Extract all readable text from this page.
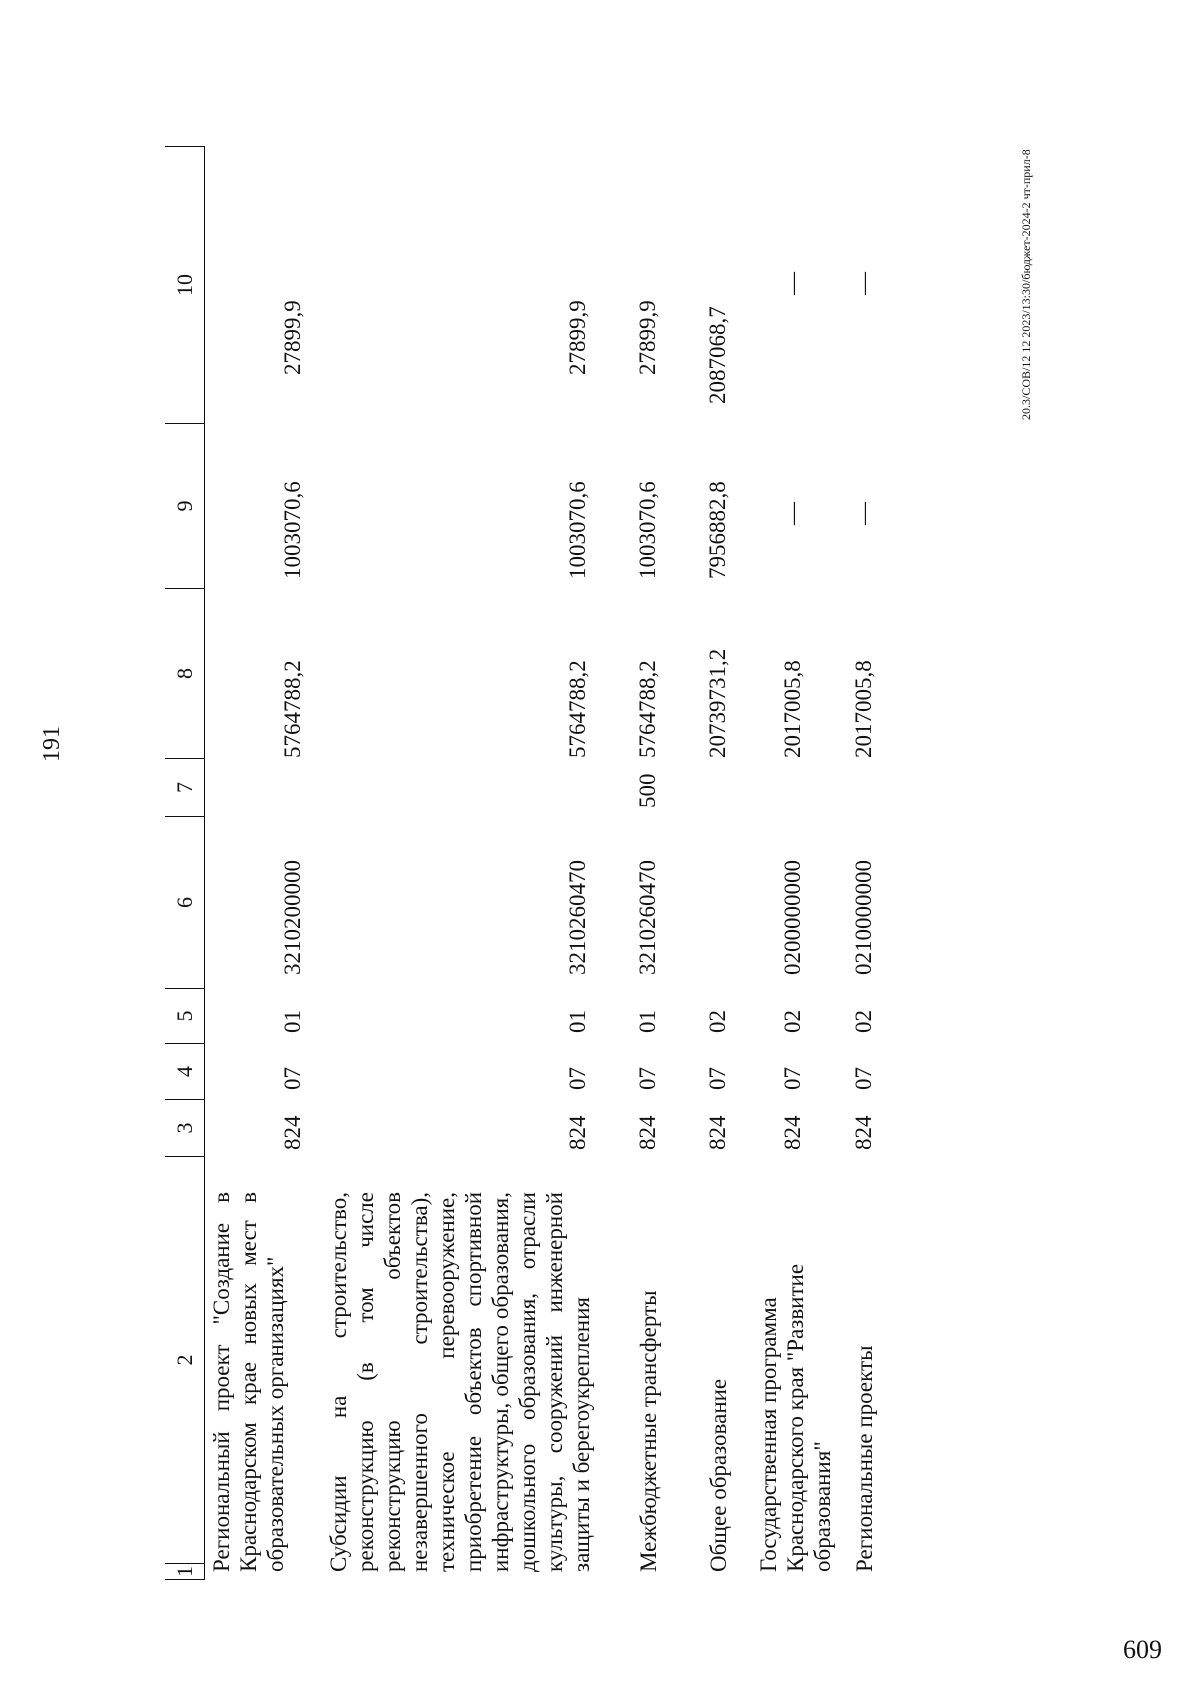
191
1
2
3
4
5
6
7
8
9
10
Региональный проект "Создание в Краснодарском крае новых мест в образовательных организациях"
824
07
01
3210200000
5764788,2
1003070,6
27899,9
Субсидии на строительство, реконструкцию (в том числе реконструкцию объектов незавершенного строительства), техническое перевооружение, приобретение объектов спортивной инфраструктуры, общего образования, дошкольного образования, отрасли культуры, сооружений инженерной защиты и берегоукрепления
824
07
01
3210260470
5764788,2
1003070,6
27899,9
Межбюджетные трансферты
824
07
01
3210260470
500
5764788,2
1003070,6
27899,9
Общее образование
824
07
02
20739731,2
7956882,8
2087068,7
Государственная программа Краснодарского края "Развитие образования"
824
07
02
0200000000
2017005,8
—
—
Региональные проекты
824
07
02
0210000000
2017005,8
—
—	20.3/СОВ/12 12 2023/13:30/бюджет-2024-2 чт-прил-8
609
